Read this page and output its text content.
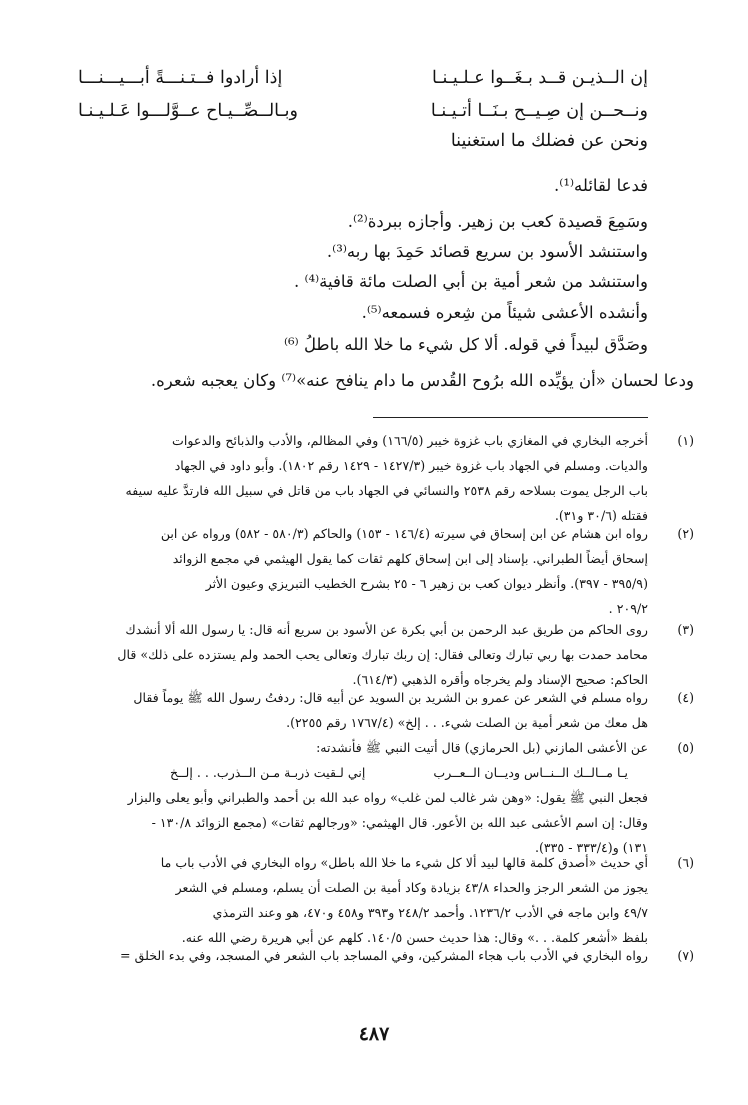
إن الــذيـن قــد بـغَــوا عـلـيـنـا
إذا أرادوا فــتـنـــةً أبـــيـــنـــا
ونــحــن إن صِـيــح بـنَــا أتـيـنـا
وبـالــصِّــيـاح عــوَّلـــوا عَـلـيـنـا
ونحن عن فضلك ما استغنينا
فدعا لقائله⁽¹⁾.
وسَمِعَ قصيدة كعب بن زهير. وأجازه ببردة⁽²⁾.
واستنشد الأسود بن سريع قصائد حَمِدَ بها ربه⁽³⁾.
واستنشد من شعر أمية بن أبي الصلت مائة قافية⁽⁴⁾ .
وأنشده الأعشى شيئاً من شِعره فسمعه⁽⁵⁾.
وصَدَّق لبيداً في قوله. ألا كل شيء ما خلا الله باطلُ ⁽⁶⁾
ودعا لحسان «أن يؤيِّده الله برُوح القُدس ما دام ينافح عنه»⁽⁷⁾ وكان يعجبه شعره.
(١)
أخرجه البخاري في المغازي باب غزوة خيبر (١٦٦/٥) وفي المظالم، والأدب والذبائح والدعوات
والديات. ومسلم في الجهاد باب غزوة خيبر (١٤٢٧/٣ - ١٤٢٩ رقم ١٨٠٢). وأبو داود في الجهاد
باب الرجل يموت بسلاحه رقم ٢٥٣٨ والنسائي في الجهاد باب من قاتل في سبيل الله فارتدَّ عليه سيفه
فقتله (٣٠/٦ و٣١).
(٢)
رواه ابن هشام عن ابن إسحاق في سيرته (١٤٦/٤ - ١٥٣) والحاكم (٥٨٠/٣ - ٥٨٢) ورواه عن ابن
إسحاق أيضاً الطبراني. بإسناد إلى ابن إسحاق كلهم ثقات كما يقول الهيثمي في مجمع الزوائد
(٣٩٥/٩ - ٣٩٧). وأنظر ديوان كعب بن زهير ٦ - ٢٥ بشرح الخطيب التبريزي وعيون الأثر
٢٠٩/٢ .
(٣)
روى الحاكم من طريق عبد الرحمن بن أبي بكرة عن الأسود بن سريع أنه قال: يا رسول الله ألا أنشدك
محامد حمدت بها ربي تبارك وتعالى فقال: إن ربك تبارك وتعالى يحب الحمد ولم يستزده على ذلك» قال
الحاكم: صحيح الإسناد ولم يخرجاه وأقره الذهبي (٦١٤/٣).
(٤)
رواه مسلم في الشعر عن عمرو بن الشريد بن السويد عن أبيه قال: ردفتُ رسول الله ﷺ يوماً فقال
هل معك من شعر أمية بن الصلت شيء. . . إلخ» (١٧٦٧/٤ رقم ٢٢٥٥).
(٥)
عن الأعشى المازني (بل الحرمازي) قال أتيت النبي ﷺ فأنشدته:
يـا مــالــك الــنــاس وديــان الــعــرب
إني لـقيت ذربـة مـن الــذرب. . . إلــخ
فجعل النبي ﷺ يقول: «وهن شر غالب لمن غلب» رواه عبد الله بن أحمد والطبراني وأبو يعلى والبزار
وقال: إن اسم الأعشى عبد الله بن الأعور. قال الهيثمي: «ورجالهم ثقات» (مجمع الزوائد ١٣٠/٨ -
١٣١) و(٣٣٣/٤ - ٣٣٥).
(٦)
أي حديث «أصدق كلمة قالها لبيد ألا كل شيء ما خلا الله باطل» رواه البخاري في الأدب باب ما
يجوز من الشعر الرجز والحداء ٤٣/٨ بزيادة وكاد أمية بن الصلت أن يسلم، ومسلم في الشعر
٤٩/٧ وابن ماجه في الأدب ١٢٣٦/٢. وأحمد ٢٤٨/٢ و٣٩٣ و٤٥٨ و٤٧٠، هو وعند الترمذي
بلفظ «أشعر كلمة. . .» وقال: هذا حديث حسن ١٤٠/٥. كلهم عن أبي هريرة رضي الله عنه.
(٧)
رواه البخاري في الأدب باب هجاء المشركين، وفي المساجد باب الشعر في المسجد، وفي بدء الخلق =
٤٨٧
